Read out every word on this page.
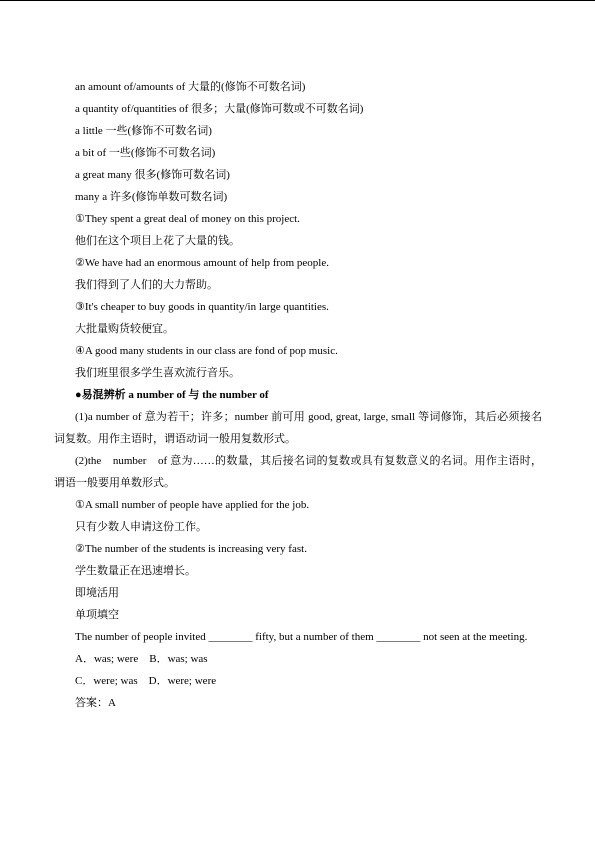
an amount of/amounts of 大量的(修饰不可数名词)
a quantity of/quantities of 很多；大量(修饰可数或不可数名词)
a little 一些(修饰不可数名词)
a bit of 一些(修饰不可数名词)
a great many 很多(修饰可数名词)
many a 许多(修饰单数可数名词)
①They spent a great deal of money on this project.
他们在这个项目上花了大量的钱。
②We have had an enormous amount of help from people.
我们得到了人们的大力帮助。
③It's cheaper to buy goods in quantity/in large quantities.
大批量购货较便宜。
④A good many students in our class are fond of pop music.
我们班里很多学生喜欢流行音乐。
●易混辨析 a number of 与 the number of
(1)a number of 意为若干；许多；number 前可用 good, great, large, small 等词修饰，其后必须接名词复数。用作主语时，谓语动词一般用复数形式。
(2)the　number　of 意为……的数量，其后接名词的复数或具有复数意义的名词。用作主语时，谓语一般要用单数形式。
①A small number of people have applied for the job.
只有少数人申请这份工作。
②The number of the students is increasing very fast.
学生数量正在迅速增长。
即境活用
单项填空
The number of people invited ________ fifty, but a number of them ________ not seen at the meeting.
A．was; were　B．was; was
C．were; was　D．were; were
答案：A
